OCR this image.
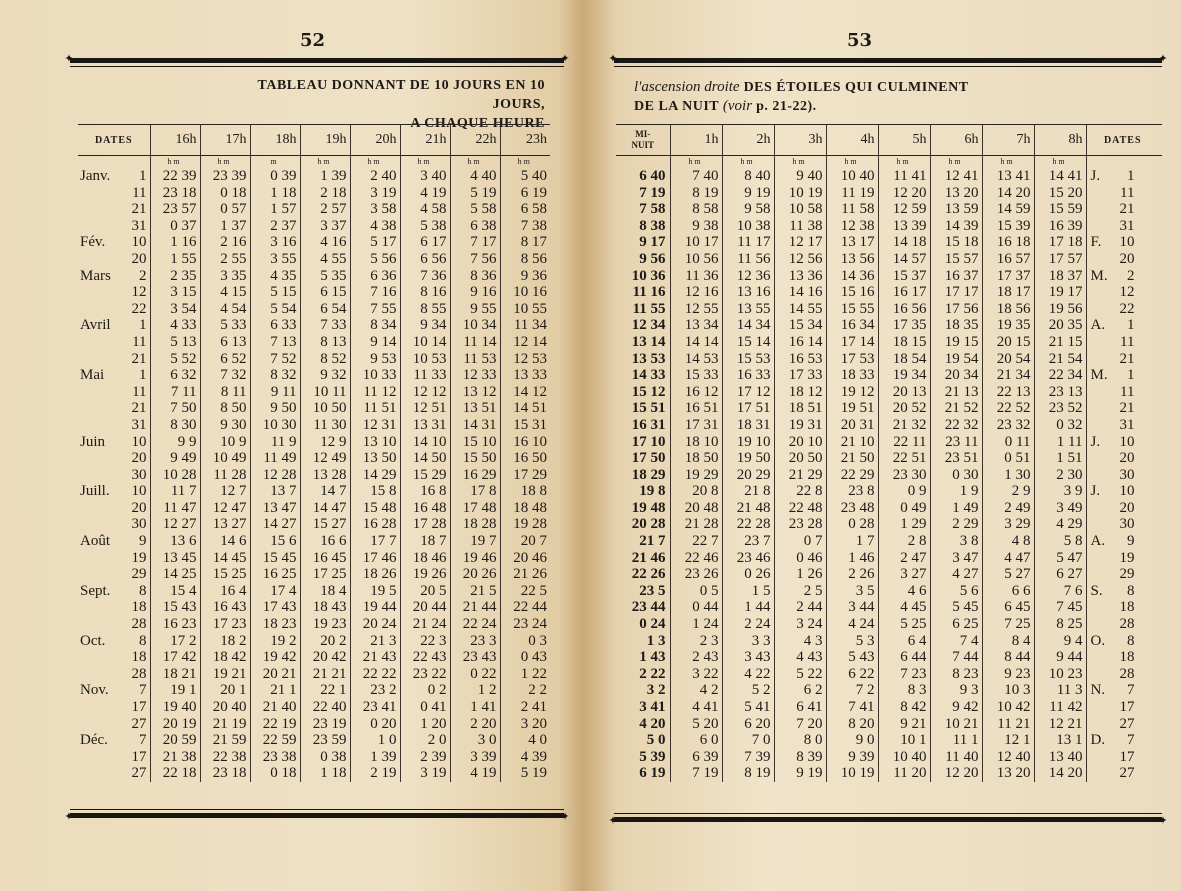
52
✦	✦
✦	✦
TABLEAU DONNANT DE 10 JOURS EN 10 JOURS,
A CHAQUE HEURE
DATES		16h	17h	18h	19h	20h	21h	22h	23h
		h m	h m	m	h m	h m	h m	h m	h m
Janv.	1	22 39	23 39	0 39	1 39	2 40	3 40	4 40	5 40
	11	23 18	0 18	1 18	2 18	3 19	4 19	5 19	6 19
	21	23 57	0 57	1 57	2 57	3 58	4 58	5 58	6 58
	31	0 37	1 37	2 37	3 37	4 38	5 38	6 38	7 38
Fév.	10	1 16	2 16	3 16	4 16	5 17	6 17	7 17	8 17
	20	1 55	2 55	3 55	4 55	5 56	6 56	7 56	8 56
Mars	2	2 35	3 35	4 35	5 35	6 36	7 36	8 36	9 36
	12	3 15	4 15	5 15	6 15	7 16	8 16	9 16	10 16
	22	3 54	4 54	5 54	6 54	7 55	8 55	9 55	10 55
Avril	1	4 33	5 33	6 33	7 33	8 34	9 34	10 34	11 34
	11	5 13	6 13	7 13	8 13	9 14	10 14	11 14	12 14
	21	5 52	6 52	7 52	8 52	9 53	10 53	11 53	12 53
Mai	1	6 32	7 32	8 32	9 32	10 33	11 33	12 33	13 33
	11	7 11	8 11	9 11	10 11	11 12	12 12	13 12	14 12
	21	7 50	8 50	9 50	10 50	11 51	12 51	13 51	14 51
	31	8 30	9 30	10 30	11 30	12 31	13 31	14 31	15 31
Juin	10	9 9	10 9	11 9	12 9	13 10	14 10	15 10	16 10
	20	9 49	10 49	11 49	12 49	13 50	14 50	15 50	16 50
	30	10 28	11 28	12 28	13 28	14 29	15 29	16 29	17 29
Juill.	10	11 7	12 7	13 7	14 7	15 8	16 8	17 8	18 8
	20	11 47	12 47	13 47	14 47	15 48	16 48	17 48	18 48
	30	12 27	13 27	14 27	15 27	16 28	17 28	18 28	19 28
Août	9	13 6	14 6	15 6	16 6	17 7	18 7	19 7	20 7
	19	13 45	14 45	15 45	16 45	17 46	18 46	19 46	20 46
	29	14 25	15 25	16 25	17 25	18 26	19 26	20 26	21 26
Sept.	8	15 4	16 4	17 4	18 4	19 5	20 5	21 5	22 5
	18	15 43	16 43	17 43	18 43	19 44	20 44	21 44	22 44
	28	16 23	17 23	18 23	19 23	20 24	21 24	22 24	23 24
Oct.	8	17 2	18 2	19 2	20 2	21 3	22 3	23 3	0 3
	18	17 42	18 42	19 42	20 42	21 43	22 43	23 43	0 43
	28	18 21	19 21	20 21	21 21	22 22	23 22	0 22	1 22
Nov.	7	19 1	20 1	21 1	22 1	23 2	0 2	1 2	2 2
	17	19 40	20 40	21 40	22 40	23 41	0 41	1 41	2 41
	27	20 19	21 19	22 19	23 19	0 20	1 20	2 20	3 20
Déc.	7	20 59	21 59	22 59	23 59	1 0	2 0	3 0	4 0
	17	21 38	22 38	23 38	0 38	1 39	2 39	3 39	4 39
	27	22 18	23 18	0 18	1 18	2 19	3 19	4 19	5 19
53
✦	✦
✦	✦
l'ascension droite DES ÉTOILES QUI CULMINENT
DE LA NUIT (voir p. 21-22).
MI-
NUIT	1h	2h	3h	4h	5h	6h	7h	8h	DATES
	h m	h m	h m	h m	h m	h m	h m	h m	
6 40	7 40	8 40	9 40	10 40	11 41	12 41	13 41	14 41	J. 1
7 19	8 19	9 19	10 19	11 19	12 20	13 20	14 20	15 20	11
7 58	8 58	9 58	10 58	11 58	12 59	13 59	14 59	15 59	21
8 38	9 38	10 38	11 38	12 38	13 39	14 39	15 39	16 39	31
9 17	10 17	11 17	12 17	13 17	14 18	15 18	16 18	17 18	F. 10
9 56	10 56	11 56	12 56	13 56	14 57	15 57	16 57	17 57	20
10 36	11 36	12 36	13 36	14 36	15 37	16 37	17 37	18 37	M. 2
11 16	12 16	13 16	14 16	15 16	16 17	17 17	18 17	19 17	12
11 55	12 55	13 55	14 55	15 55	16 56	17 56	18 56	19 56	22
12 34	13 34	14 34	15 34	16 34	17 35	18 35	19 35	20 35	A. 1
13 14	14 14	15 14	16 14	17 14	18 15	19 15	20 15	21 15	11
13 53	14 53	15 53	16 53	17 53	18 54	19 54	20 54	21 54	21
14 33	15 33	16 33	17 33	18 33	19 34	20 34	21 34	22 34	M. 1
15 12	16 12	17 12	18 12	19 12	20 13	21 13	22 13	23 13	11
15 51	16 51	17 51	18 51	19 51	20 52	21 52	22 52	23 52	21
16 31	17 31	18 31	19 31	20 31	21 32	22 32	23 32	0 32	31
17 10	18 10	19 10	20 10	21 10	22 11	23 11	0 11	1 11	J. 10
17 50	18 50	19 50	20 50	21 50	22 51	23 51	0 51	1 51	20
18 29	19 29	20 29	21 29	22 29	23 30	0 30	1 30	2 30	30
19 8	20 8	21 8	22 8	23 8	0 9	1 9	2 9	3 9	J. 10
19 48	20 48	21 48	22 48	23 48	0 49	1 49	2 49	3 49	20
20 28	21 28	22 28	23 28	0 28	1 29	2 29	3 29	4 29	30
21 7	22 7	23 7	0 7	1 7	2 8	3 8	4 8	5 8	A. 9
21 46	22 46	23 46	0 46	1 46	2 47	3 47	4 47	5 47	19
22 26	23 26	0 26	1 26	2 26	3 27	4 27	5 27	6 27	29
23 5	0 5	1 5	2 5	3 5	4 6	5 6	6 6	7 6	S. 8
23 44	0 44	1 44	2 44	3 44	4 45	5 45	6 45	7 45	18
0 24	1 24	2 24	3 24	4 24	5 25	6 25	7 25	8 25	28
1 3	2 3	3 3	4 3	5 3	6 4	7 4	8 4	9 4	O. 8
1 43	2 43	3 43	4 43	5 43	6 44	7 44	8 44	9 44	18
2 22	3 22	4 22	5 22	6 22	7 23	8 23	9 23	10 23	28
3 2	4 2	5 2	6 2	7 2	8 3	9 3	10 3	11 3	N. 7
3 41	4 41	5 41	6 41	7 41	8 42	9 42	10 42	11 42	17
4 20	5 20	6 20	7 20	8 20	9 21	10 21	11 21	12 21	27
5 0	6 0	7 0	8 0	9 0	10 1	11 1	12 1	13 1	D. 7
5 39	6 39	7 39	8 39	9 39	10 40	11 40	12 40	13 40	17
6 19	7 19	8 19	9 19	10 19	11 20	12 20	13 20	14 20	27
